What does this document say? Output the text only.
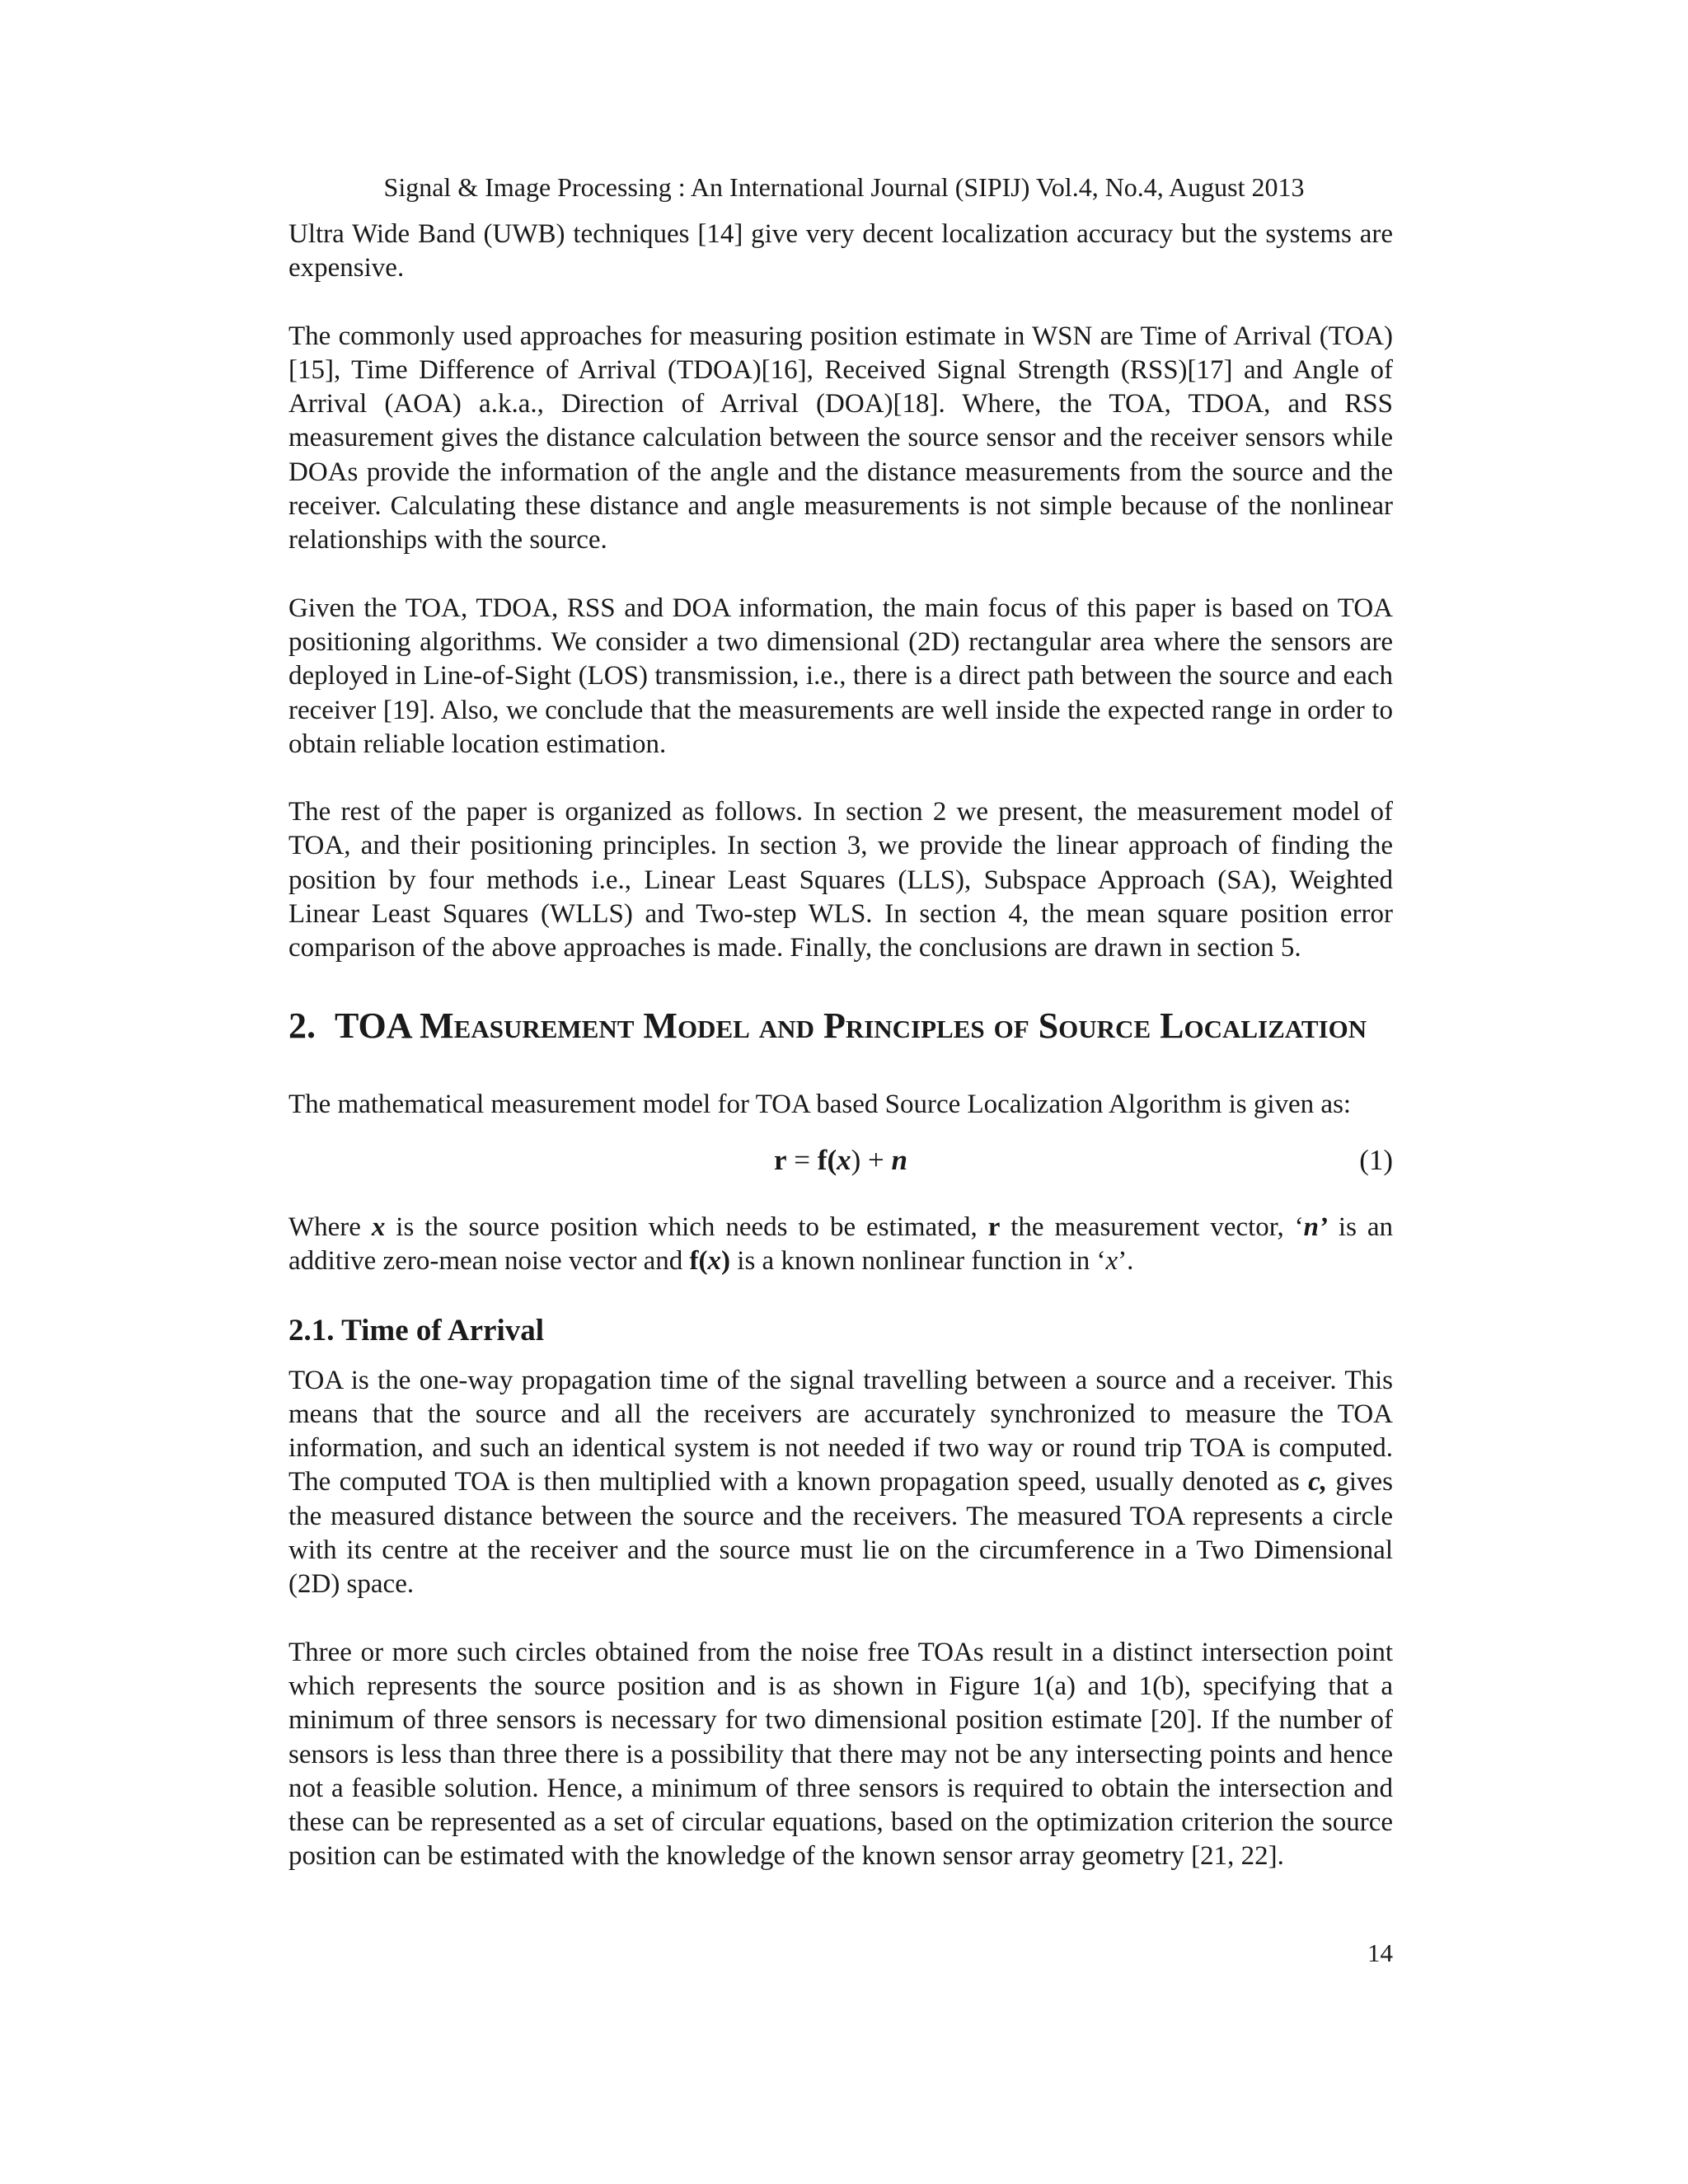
Signal & Image Processing : An International Journal (SIPIJ) Vol.4, No.4, August 2013

Ultra Wide Band (UWB) techniques [14] give very decent localization accuracy but the systems are expensive.

The commonly used approaches for measuring position estimate in WSN are Time of Arrival (TOA) [15], Time Difference of Arrival (TDOA)[16], Received Signal Strength (RSS)[17] and Angle of Arrival (AOA) a.k.a., Direction of Arrival (DOA)[18]. Where, the TOA, TDOA, and RSS measurement gives the distance calculation between the source sensor and the receiver sensors while DOAs provide the information of the angle and the distance measurements from the source and the receiver. Calculating these distance and angle measurements is not simple because of the nonlinear relationships with the source.

Given the TOA, TDOA, RSS and DOA information, the main focus of this paper is based on TOA positioning algorithms. We consider a two dimensional (2D) rectangular area where the sensors are deployed in Line-of-Sight (LOS) transmission, i.e., there is a direct path between the source and each receiver [19]. Also, we conclude that the measurements are well inside the expected range in order to obtain reliable location estimation.

The rest of the paper is organized as follows. In section 2 we present, the measurement model of TOA, and their positioning principles. In section 3, we provide the linear approach of finding the position by four methods i.e., Linear Least Squares (LLS), Subspace Approach (SA), Weighted Linear Least Squares (WLLS) and Two-step WLS. In section 4, the mean square position error comparison of the above approaches is made. Finally, the conclusions are drawn in section 5.

2. TOA Measurement Model and Principles of Source Localization

The mathematical measurement model for TOA based Source Localization Algorithm is given as:

r = f(x) + n	(1)

Where x is the source position which needs to be estimated, r the measurement vector, ‘n’ is an additive zero-mean noise vector and f(x) is a known nonlinear function in ‘x’.

2.1. Time of Arrival

TOA is the one-way propagation time of the signal travelling between a source and a receiver. This means that the source and all the receivers are accurately synchronized to measure the TOA information, and such an identical system is not needed if two way or round trip TOA is computed. The computed TOA is then multiplied with a known propagation speed, usually denoted as c, gives the measured distance between the source and the receivers. The measured TOA represents a circle with its centre at the receiver and the source must lie on the circumference in a Two Dimensional (2D) space.

Three or more such circles obtained from the noise free TOAs result in a distinct intersection point which represents the source position and is as shown in Figure 1(a) and 1(b), specifying that a minimum of three sensors is necessary for two dimensional position estimate [20]. If the number of sensors is less than three there is a possibility that there may not be any intersecting points and hence not a feasible solution. Hence, a minimum of three sensors is required to obtain the intersection and these can be represented as a set of circular equations, based on the optimization criterion the source position can be estimated with the knowledge of the known sensor array geometry [21, 22].

14
